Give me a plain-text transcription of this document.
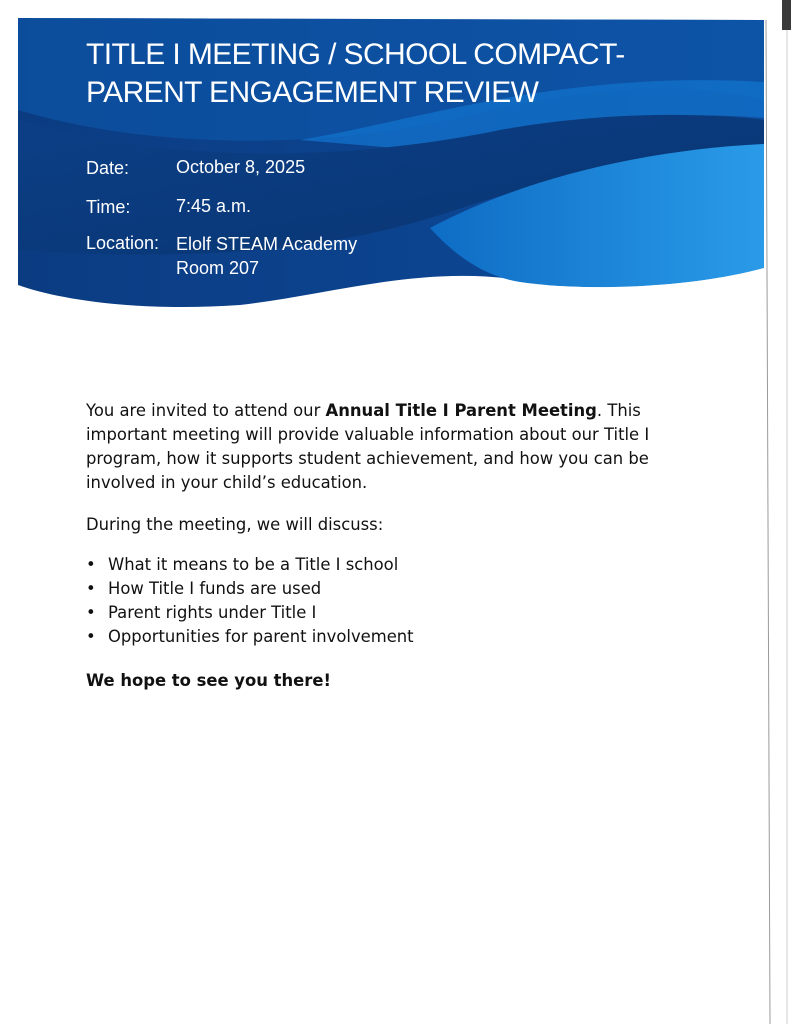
TITLE I MEETING / SCHOOL COMPACT-
PARENT ENGAGEMENT REVIEW
Date:	October 8, 2025
Time:	7:45 a.m.
Location: Elolf STEAM Academy
Room 207

You are invited to attend our Annual Title I Parent Meeting. This important meeting will provide valuable information about our Title I program, how it supports student achievement, and how you can be involved in your child’s education.

During the meeting, we will discuss:

• What it means to be a Title I school
• How Title I funds are used
• Parent rights under Title I
• Opportunities for parent involvement

We hope to see you there!
